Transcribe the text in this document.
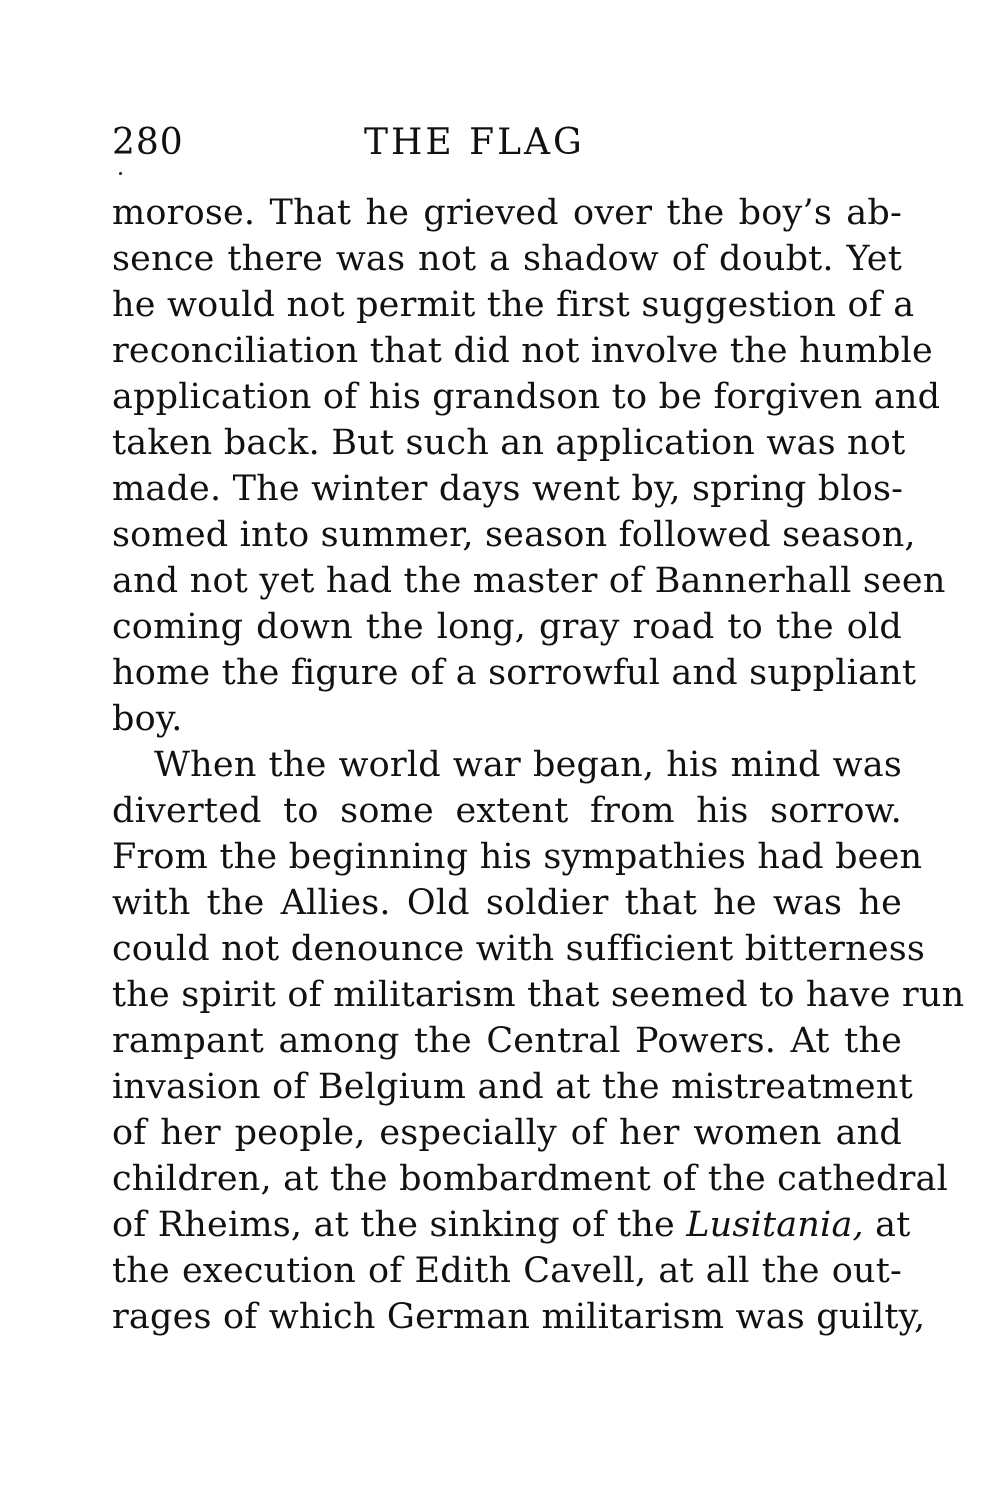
280	THE FLAG
morose. That he grieved over the boy’s ab-
sence there was not a shadow of doubt. Yet
he would not permit the first suggestion of a
reconciliation that did not involve the humble
application of his grandson to be forgiven and
taken back. But such an application was not
made. The winter days went by, spring blos-
somed into summer, season followed season,
and not yet had the master of Bannerhall seen
coming down the long, gray road to the old
home the figure of a sorrowful and suppliant
boy.
When the world war began, his mind was
diverted to some extent from his sorrow.
From the beginning his sympathies had been
with the Allies. Old soldier that he was he
could not denounce with sufficient bitterness
the spirit of militarism that seemed to have run
rampant among the Central Powers. At the
invasion of Belgium and at the mistreatment
of her people, especially of her women and
children, at the bombardment of the cathedral
of Rheims, at the sinking of the Lusitania, at
the execution of Edith Cavell, at all the out-
rages of which German militarism was guilty,
